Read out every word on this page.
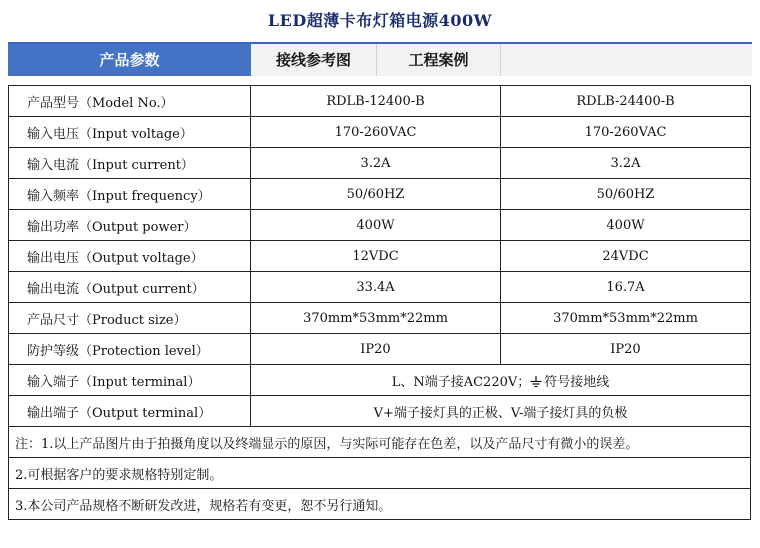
LED超薄卡布灯箱电源400W
产品参数	接线参考图	工程案例
产品型号（Model No.）	RDLB-12400-B	RDLB-24400-B
输入电压（Input voltage）	170-260VAC	170-260VAC
输入电流（Input current）	3.2A	3.2A
输入频率（Input frequency）	50/60HZ	50/60HZ
输出功率（Output power）	400W	400W
输出电压（Output voltage）	12VDC	24VDC
输出电流（Output current）	33.4A	16.7A
产品尺寸（Product size）	370mm*53mm*22mm	370mm*53mm*22mm
防护等级（Protection level）	IP20	IP20
输入端子（Input terminal）	L、N端子接AC220V； 符号接地线	
输出端子（Output terminal）	V+端子接灯具的正极、V-端子接灯具的负极	
注：1.以上产品图片由于拍摄角度以及终端显示的原因，与实际可能存在色差，以及产品尺寸有微小的误差。		
2.可根据客户的要求规格特别定制。		
3.本公司产品规格不断研发改进，规格若有变更，恕不另行通知。		
